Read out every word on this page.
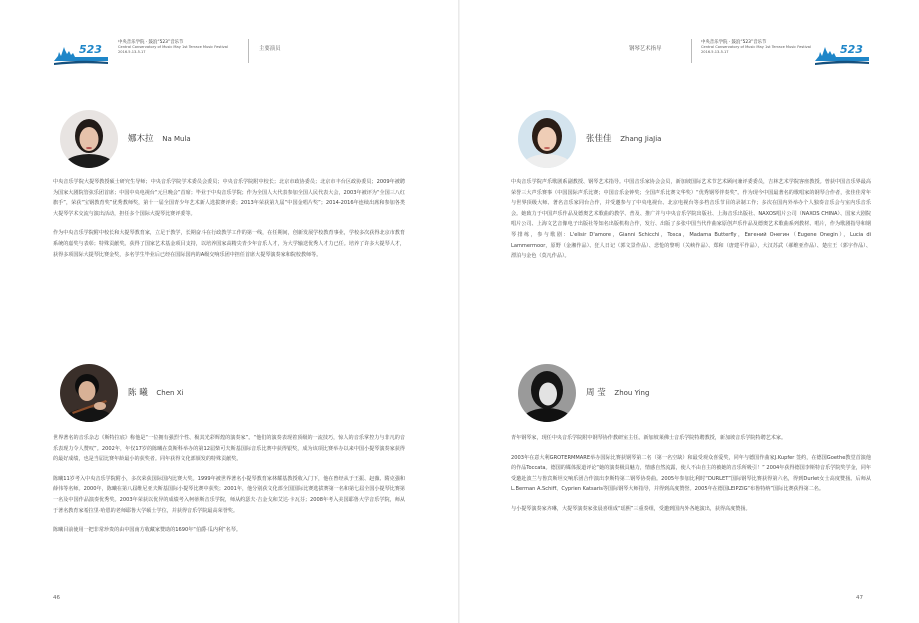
523
中央音乐学院 · 鼓浪“523”音乐节
Central Conservatory of Music May 1st Terrace Music Festival
2016.5.13-5.17	主要演员
娜木拉 Na Mula

中央音乐学院大提琴教授硕士研究生导师；中央音乐学院学术委员会委员；中央音乐学院附中校长；北京市政协委员；北京市丰台区政协委员；2009年被聘为国家大剧院管弦乐团首席；中国中央电视台“元旦晚会”首席；毕业于中央音乐学院；作为全国人大代表参加全国人民代表大会，2003年被评为“全国三八红旗手”，荣获“宝钢教育奖”优秀教师奖，第十一届全国青少年艺术新人选拔赛评委；2013年荣获第九届“中国金唱片奖”；2014-2016年连续出席和参加各类大提琴学术交流与演出活动，担任多个国际大提琴比赛评委等。

作为中央音乐学院附中校长和大提琴教育家，立足于教学，长期奋斗在行政教学工作的第一线，在任期间，创新发展学校教育事业，学校多次获得北京市教育系统的嘉奖与表彰；特殊贡献奖。获得了国家艺术基金项目支持，以培养国家高精尖青少年音乐人才，为大学输送优秀人才力已任。培养了许多大提琴人才，获得多项国际大提琴比赛金奖，多名学生毕业后已经在国际国内的A级交响乐团中担任首席大提琴演奏家和院校教师等。

陈 曦 Chen Xi

世界著名的音乐杂志《斯特拉底》称他是“一位拥有强烈个性、极其光彩辉煌的演奏家”。“他们的演奏表现着顶级的一流技巧，惊人的音乐掌控力与非凡的音乐表现力令人赞叹”。2002年，年仅17岁的陈曦在莫斯科举办的第12届柴可夫斯基国际音乐比赛中获得银奖，成为该项比赛举办以来中国小提琴演奏家获得的最好成绩，也是当届比赛年龄最小的获奖者。同年获得文化部颁发的特殊贡献奖。

陈曦11岁考入中央音乐学院附小，多次荣获国际国内比赛大奖。1999年被世界著名小提琴教育家林耀基教授收入门下，他在曾经从于王振、赵薇、隋克强和薛伟等名师。2000年，陈曦在第八届维尼亚夫斯基国际小提琴比赛中获奖；2001年，他分别获文化部全国国际比赛选拔赛第一名和第七届全国小提琴比赛第一名及中国作品演奏优秀奖。2003年荣获以优异的成绩考入柯蒂斯音乐学院，师从约瑟夫·吉金戈和艾达·卡瓦芬；2008年考入美国耶鲁大学音乐学院，师从于著名教育家希拉里·哈恩的老师耶鲁大学硕士学位，并获得音乐学院最高荣誉奖。

陈曦目前使用一把非常珍贵的由中国南方收藏家赞助的1690年“伯爵·瓜内利”名琴。

46
钢琴艺术指导
中央音乐学院 · 鼓浪“523”音乐节
Central Conservatory of Music May 1st Terrace Music Festival
2016.5.13-5.17	523
张佳佳 Zhang JiaJia

中央音乐学院声乐歌剧系副教授、钢琴艺术指导。中国音乐家协会会员，新加坡国际艺术节艺术顾问兼评委委员，吉林艺术学院客座教授。曾获中国音乐界最高荣誉三大声乐赛事（中国国际声乐比赛；中国音乐金钟奖；全国声乐比赛文华奖）“优秀钢琴伴奏奖”。作为现今中国最著名的歌唱家的钢琴合作者，张佳佳常年与世界顶级大师、著名音乐家同台合作，并受邀参与了中央电视台、北京电视台等多档音乐节目的录制工作；多次在国内外举办个人独奏音乐会与室内乐音乐会。她致力于中国声乐作品及德奥艺术歌曲的教学、普及、推广并与中央音乐学院出版社、上海音乐出版社、NAXOS唱片公司（NAXOS CHINA）、国家大剧院唱片公司、上海文艺音像电子出版社等知名出版机构合作，发行、出版了多张中国当代作曲家原创声乐作品及德奥艺术歌曲系列教材、唱片，作为歌剧指导和钢琴排练，参与歌剧：L'elisir D'amore，Gianni Schicchi，Tosca，Madama Butterfly，Евгений Онегин（Eugene Onegin），Lucia di Lammermoor，原野（金湘作品）、狂人日记（郭文景作品）、悲怆的黎明（关峡作品）、郑和（唐建平作品），大汉苏武（郝维亚作品）、楚庄王（郭宇作品）、漂泊与金色（莫凡作品）。

周 莹 Zhou Ying

青年钢琴家，现任中央音乐学院附中钢琴协作教研室主任。新加坡莱佛士音乐学院特聘教授，新加坡音乐学院特聘艺术家。

2003年在意大利GROTERMMARE举办国际比赛获钢琴第二名（第一名空缺）和最受观众喜爱奖，同年与德国作曲家J.Kupfer 签约，在德国Goethe教堂首演他的作品Toccata。德国的媒体报道评论“她的演奏极具魅力，情感自然流露，使人不由自主的被她的音乐所吸引！” 2004年获得德国李斯特音乐学院奖学金，同年受邀赴波兰与鲁宾斯坦交响乐团合作演出李斯特第二钢琴协奏曲。2005年参加比利时“DURLET”国际钢琴比赛获得第六名，得到Durlet女士高度赞扬。后师从L.Berman A.Schiff、Cyprien Katsaris等国际钢琴大师指导，并得到高度赞誉。2005年在德国LEIPZIG“布鲁特纳”国际比赛获得第二名。

与小提琴演奏家齐琳，大提琴演奏家张晨喜组成“瑶熙”三重奏组，受邀到国内外各地演出，获得高度赞扬。

47
